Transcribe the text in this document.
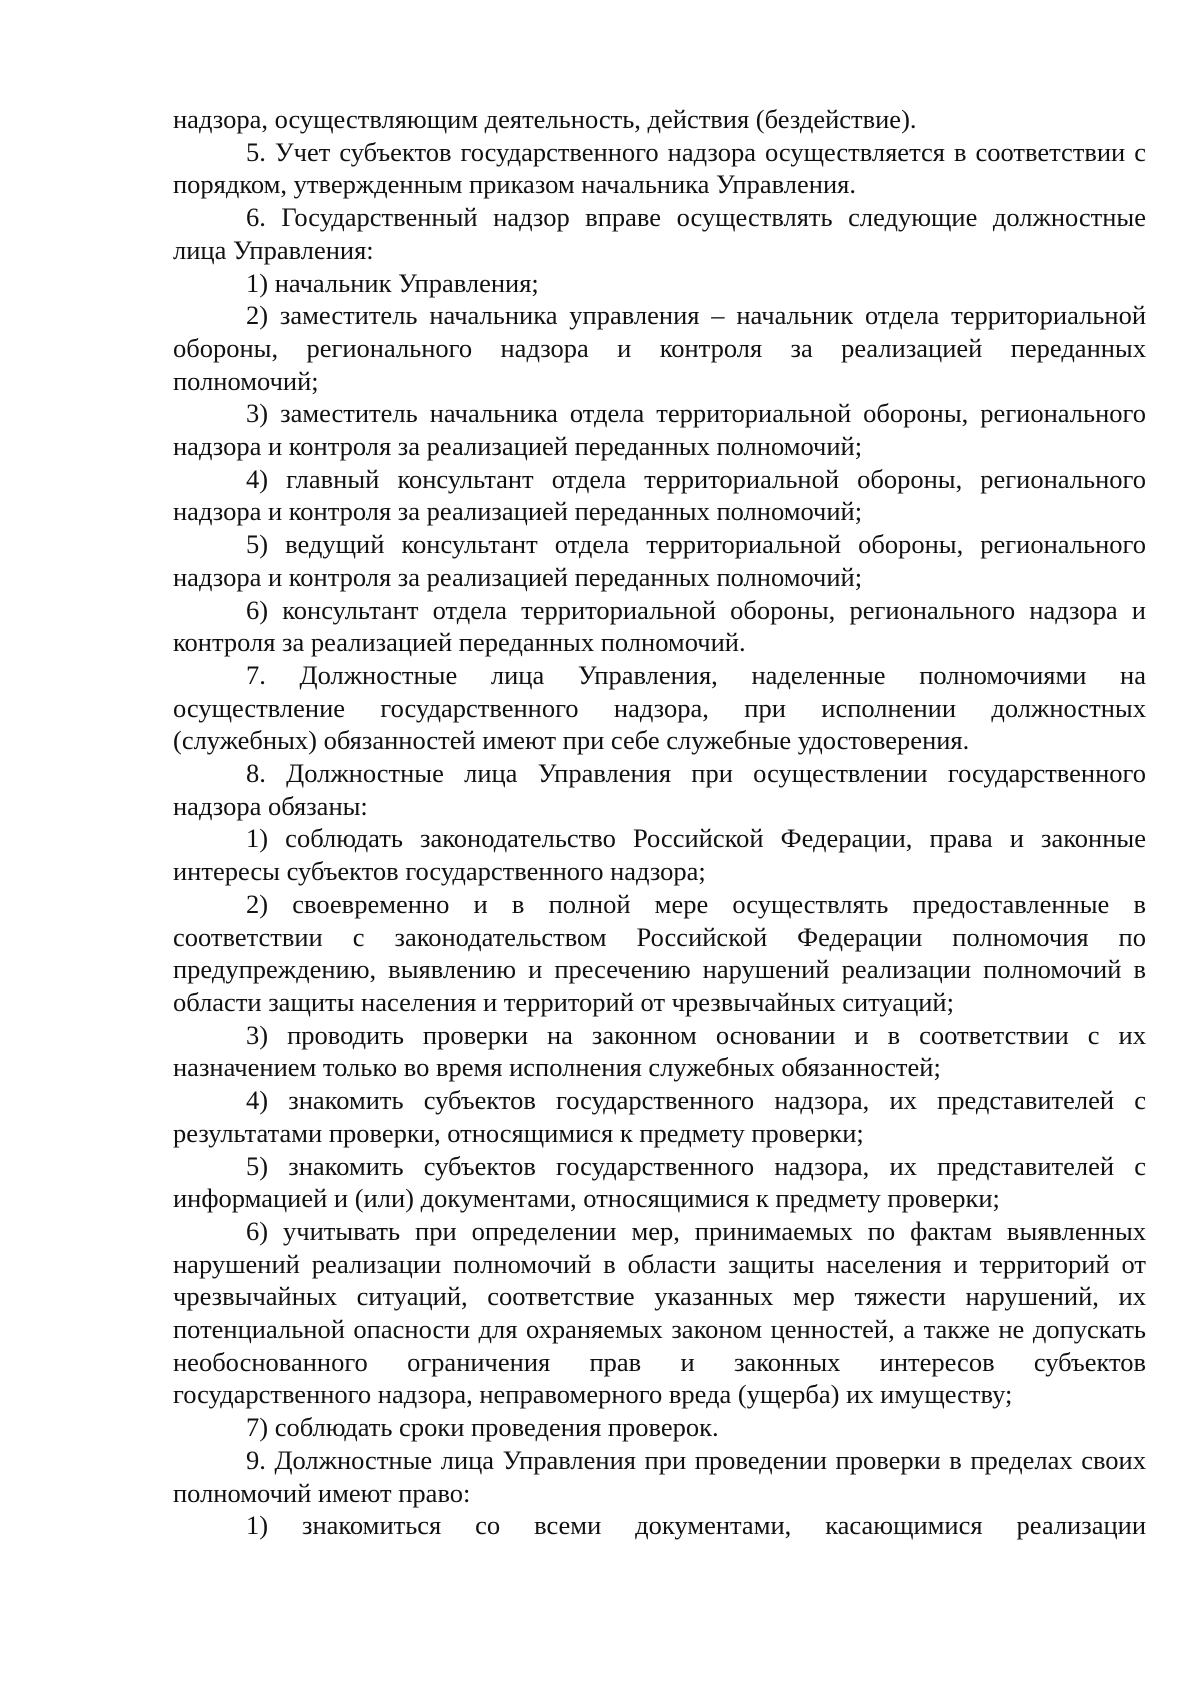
надзора, осуществляющим деятельность, действия (бездействие).

5. Учет субъектов государственного надзора осуществляется в соответствии с порядком, утвержденным приказом начальника Управления.

6. Государственный надзор вправе осуществлять следующие должностные лица Управления:

1) начальник Управления;

2) заместитель начальника управления – начальник отдела территориальной обороны, регионального надзора и контроля за реализацией переданных полномочий;

3) заместитель начальника отдела территориальной обороны, регионального надзора и контроля за реализацией переданных полномочий;

4) главный консультант отдела территориальной обороны, регионального надзора и контроля за реализацией переданных полномочий;

5) ведущий консультант отдела территориальной обороны, регионального надзора и контроля за реализацией переданных полномочий;

6) консультант отдела территориальной обороны, регионального надзора и контроля за реализацией переданных полномочий.

7. Должностные лица Управления, наделенные полномочиями на осуществление государственного надзора, при исполнении должностных (служебных) обязанностей имеют при себе служебные удостоверения.

8. Должностные лица Управления при осуществлении государственного надзора обязаны:

1) соблюдать законодательство Российской Федерации, права и законные интересы субъектов государственного надзора;

2) своевременно и в полной мере осуществлять предоставленные в соответствии с законодательством Российской Федерации полномочия по предупреждению, выявлению и пресечению нарушений реализации полномочий в области защиты населения и территорий от чрезвычайных ситуаций;

3) проводить проверки на законном основании и в соответствии с их назначением только во время исполнения служебных обязанностей;

4) знакомить субъектов государственного надзора, их представителей с результатами проверки, относящимися к предмету проверки;

5) знакомить субъектов государственного надзора, их представителей с информацией и (или) документами, относящимися к предмету проверки;

6) учитывать при определении мер, принимаемых по фактам выявленных нарушений реализации полномочий в области защиты населения и территорий от чрезвычайных ситуаций, соответствие указанных мер тяжести нарушений, их потенциальной опасности для охраняемых законом ценностей, а также не допускать необоснованного ограничения прав и законных интересов субъектов государственного надзора, неправомерного вреда (ущерба) их имуществу;

7) соблюдать сроки проведения проверок.

9. Должностные лица Управления при проведении проверки в пределах своих полномочий имеют право:

1) знакомиться со всеми документами, касающимися реализации
